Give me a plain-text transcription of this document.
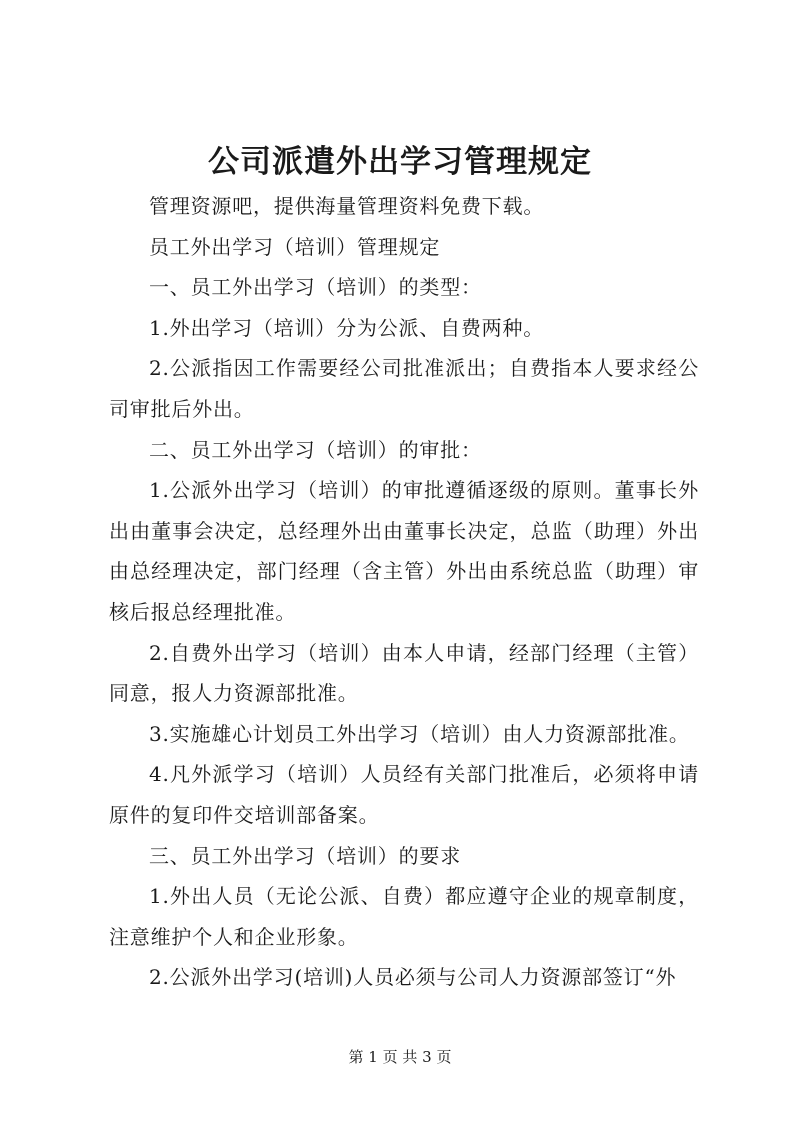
公司派遣外出学习管理规定

管理资源吧，提供海量管理资料免费下载。

员工外出学习（培训）管理规定

一、员工外出学习（培训）的类型：

1.外出学习（培训）分为公派、自费两种。

2.公派指因工作需要经公司批准派出；自费指本人要求经公司审批后外出。

二、员工外出学习（培训）的审批：

1.公派外出学习（培训）的审批遵循逐级的原则。董事长外出由董事会决定，总经理外出由董事长决定，总监（助理）外出由总经理决定，部门经理（含主管）外出由系统总监（助理）审核后报总经理批准。

2.自费外出学习（培训）由本人申请，经部门经理（主管）同意，报人力资源部批准。

3.实施雄心计划员工外出学习（培训）由人力资源部批准。

4.凡外派学习（培训）人员经有关部门批准后，必须将申请原件的复印件交培训部备案。

三、员工外出学习（培训）的要求

1.外出人员（无论公派、自费）都应遵守企业的规章制度，注意维护个人和企业形象。

2.公派外出学习(培训)人员必须与公司人力资源部签订“外

第 1 页 共 3 页
